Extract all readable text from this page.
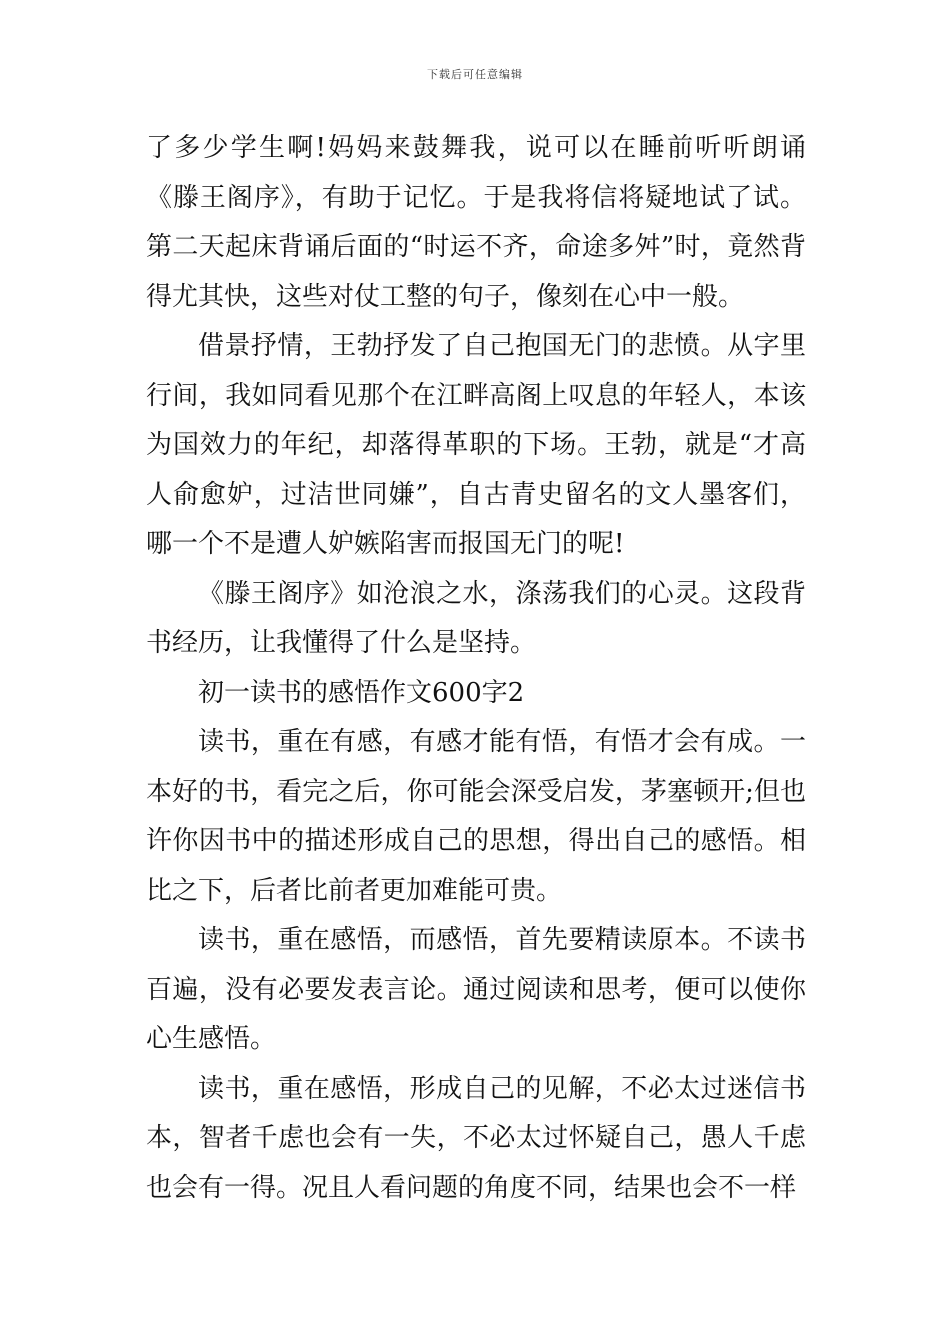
下载后可任意编辑

了多少学生啊!妈妈来鼓舞我，说可以在睡前听听朗诵《滕王阁序》，有助于记忆。于是我将信将疑地试了试。第二天起床背诵后面的“时运不齐，命途多舛”时，竟然背得尤其快，这些对仗工整的句子，像刻在心中一般。

借景抒情，王勃抒发了自己抱国无门的悲愤。从字里行间，我如同看见那个在江畔高阁上叹息的年轻人，本该为国效力的年纪，却落得革职的下场。王勃，就是“才高人俞愈妒，过洁世同嫌”，自古青史留名的文人墨客们，哪一个不是遭人妒嫉陷害而报国无门的呢!

《滕王阁序》如沧浪之水，涤荡我们的心灵。这段背书经历，让我懂得了什么是坚持。

初一读书的感悟作文600字2

读书，重在有感，有感才能有悟，有悟才会有成。一本好的书，看完之后，你可能会深受启发，茅塞顿开;但也许你因书中的描述形成自己的思想，得出自己的感悟。相比之下，后者比前者更加难能可贵。

读书，重在感悟，而感悟，首先要精读原本。不读书百遍，没有必要发表言论。通过阅读和思考，便可以使你心生感悟。

读书，重在感悟，形成自己的见解，不必太过迷信书本，智者千虑也会有一失，不必太过怀疑自己，愚人千虑也会有一得。况且人看问题的角度不同，结果也会不一样
